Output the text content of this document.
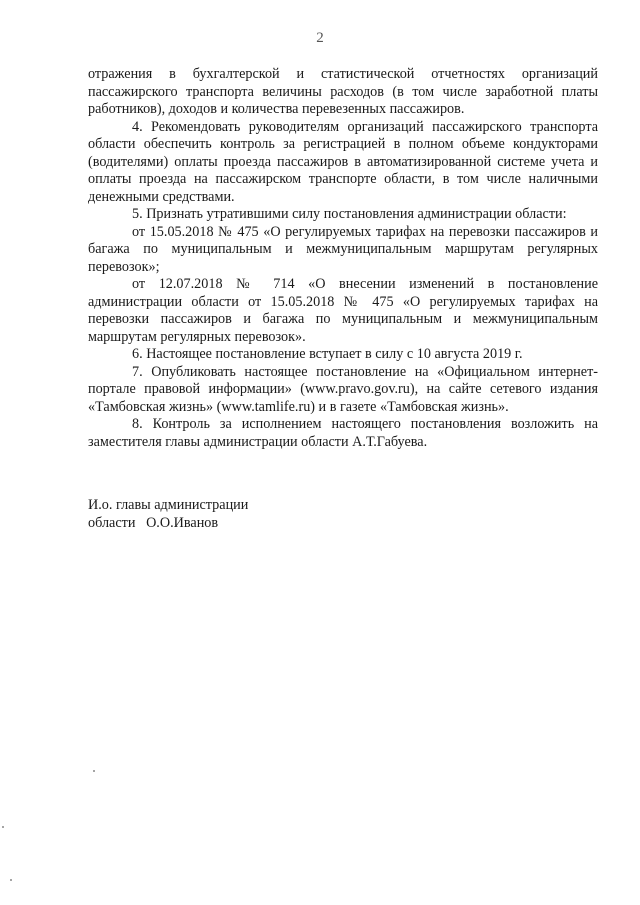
2

отражения в бухгалтерской и статистической отчетностях организаций пассажирского транспорта величины расходов (в том числе заработной платы работников), доходов и количества перевезенных пассажиров.

4. Рекомендовать руководителям организаций пассажирского транспорта области обеспечить контроль за регистрацией в полном объеме кондукторами (водителями) оплаты проезда пассажиров в автоматизированной системе учета и оплаты проезда на пассажирском транспорте области, в том числе наличными денежными средствами.

5. Признать утратившими силу постановления администрации области:

от 15.05.2018 № 475 «О регулируемых тарифах на перевозки пассажиров и багажа по муниципальным и межмуниципальным маршрутам регулярных перевозок»;

от 12.07.2018 № 714 «О внесении изменений в постановление администрации области от 15.05.2018 № 475 «О регулируемых тарифах на перевозки пассажиров и багажа по муниципальным и межмуниципальным маршрутам регулярных перевозок».

6. Настоящее постановление вступает в силу с 10 августа 2019 г.

7. Опубликовать настоящее постановление на «Официальном интернет-портале правовой информации» (www.pravo.gov.ru), на сайте сетевого издания «Тамбовская жизнь» (www.tamlife.ru) и в газете «Тамбовская жизнь».

8. Контроль за исполнением настоящего постановления возложить на заместителя главы администрации области А.Т.Габуева.

И.о. главы администрации
области   О.О.Иванов
